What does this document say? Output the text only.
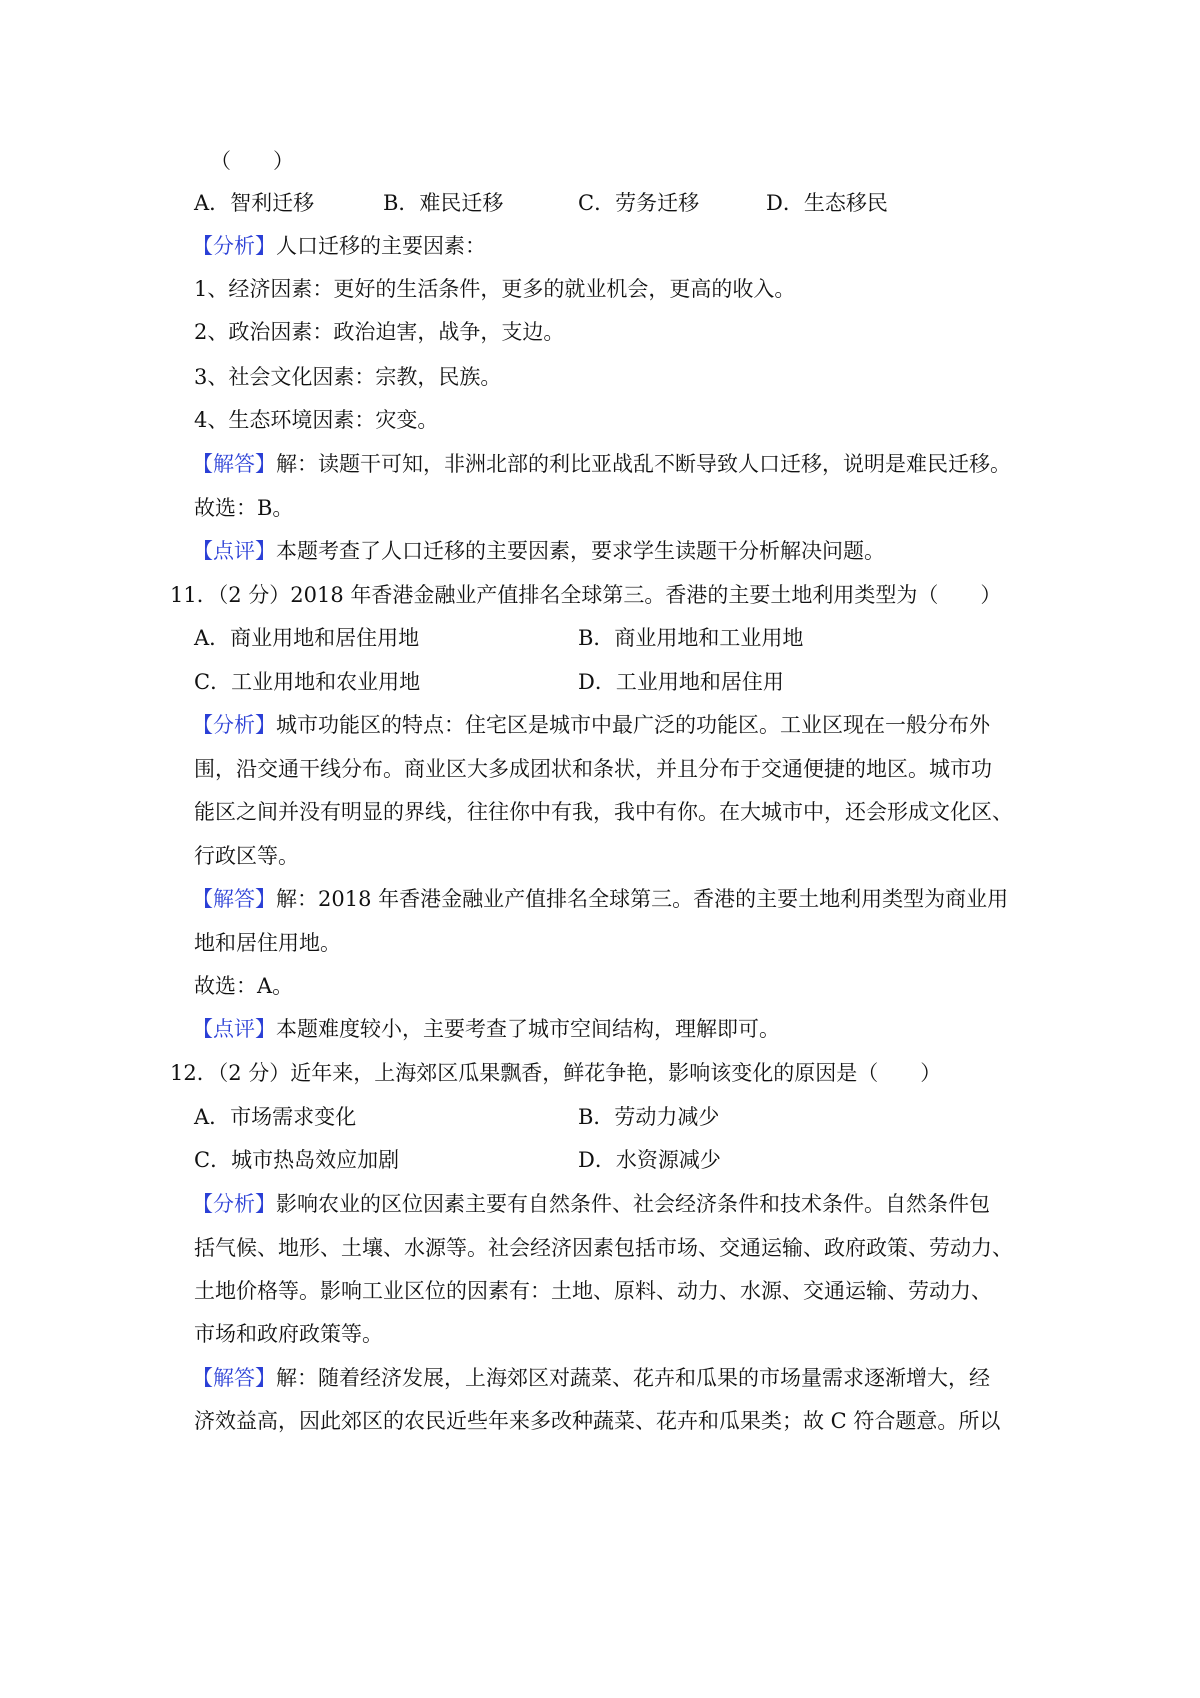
（　　）
A．智利迁移	B．难民迁移	C．劳务迁移	D．生态移民
【分析】人口迁移的主要因素：
1、经济因素：更好的生活条件，更多的就业机会，更高的收入。
2、政治因素：政治迫害，战争，支边。
3、社会文化因素：宗教，民族。
4、生态环境因素：灾变。
【解答】解：读题干可知，非洲北部的利比亚战乱不断导致人口迁移，说明是难民迁移。
故选：B。
【点评】本题考查了人口迁移的主要因素，要求学生读题干分析解决问题。
11．（2 分）2018 年香港金融业产值排名全球第三。香港的主要土地利用类型为（　　）
A．商业用地和居住用地	B．商业用地和工业用地
C．工业用地和农业用地	D．工业用地和居住用
【分析】城市功能区的特点：住宅区是城市中最广泛的功能区。工业区现在一般分布外
围，沿交通干线分布。商业区大多成团状和条状，并且分布于交通便捷的地区。城市功
能区之间并没有明显的界线，往往你中有我，我中有你。在大城市中，还会形成文化区、
行政区等。
【解答】解：2018 年香港金融业产值排名全球第三。香港的主要土地利用类型为商业用
地和居住用地。
故选：A。
【点评】本题难度较小，主要考查了城市空间结构，理解即可。
12．（2 分）近年来，上海郊区瓜果飘香，鲜花争艳，影响该变化的原因是（　　）
A．市场需求变化	B．劳动力减少
C．城市热岛效应加剧	D．水资源减少
【分析】影响农业的区位因素主要有自然条件、社会经济条件和技术条件。自然条件包
括气候、地形、土壤、水源等。社会经济因素包括市场、交通运输、政府政策、劳动力、
土地价格等。影响工业区位的因素有：土地、原料、动力、水源、交通运输、劳动力、
市场和政府政策等。
【解答】解：随着经济发展，上海郊区对蔬菜、花卉和瓜果的市场量需求逐渐增大，经
济效益高，因此郊区的农民近些年来多改种蔬菜、花卉和瓜果类；故 C 符合题意。所以
